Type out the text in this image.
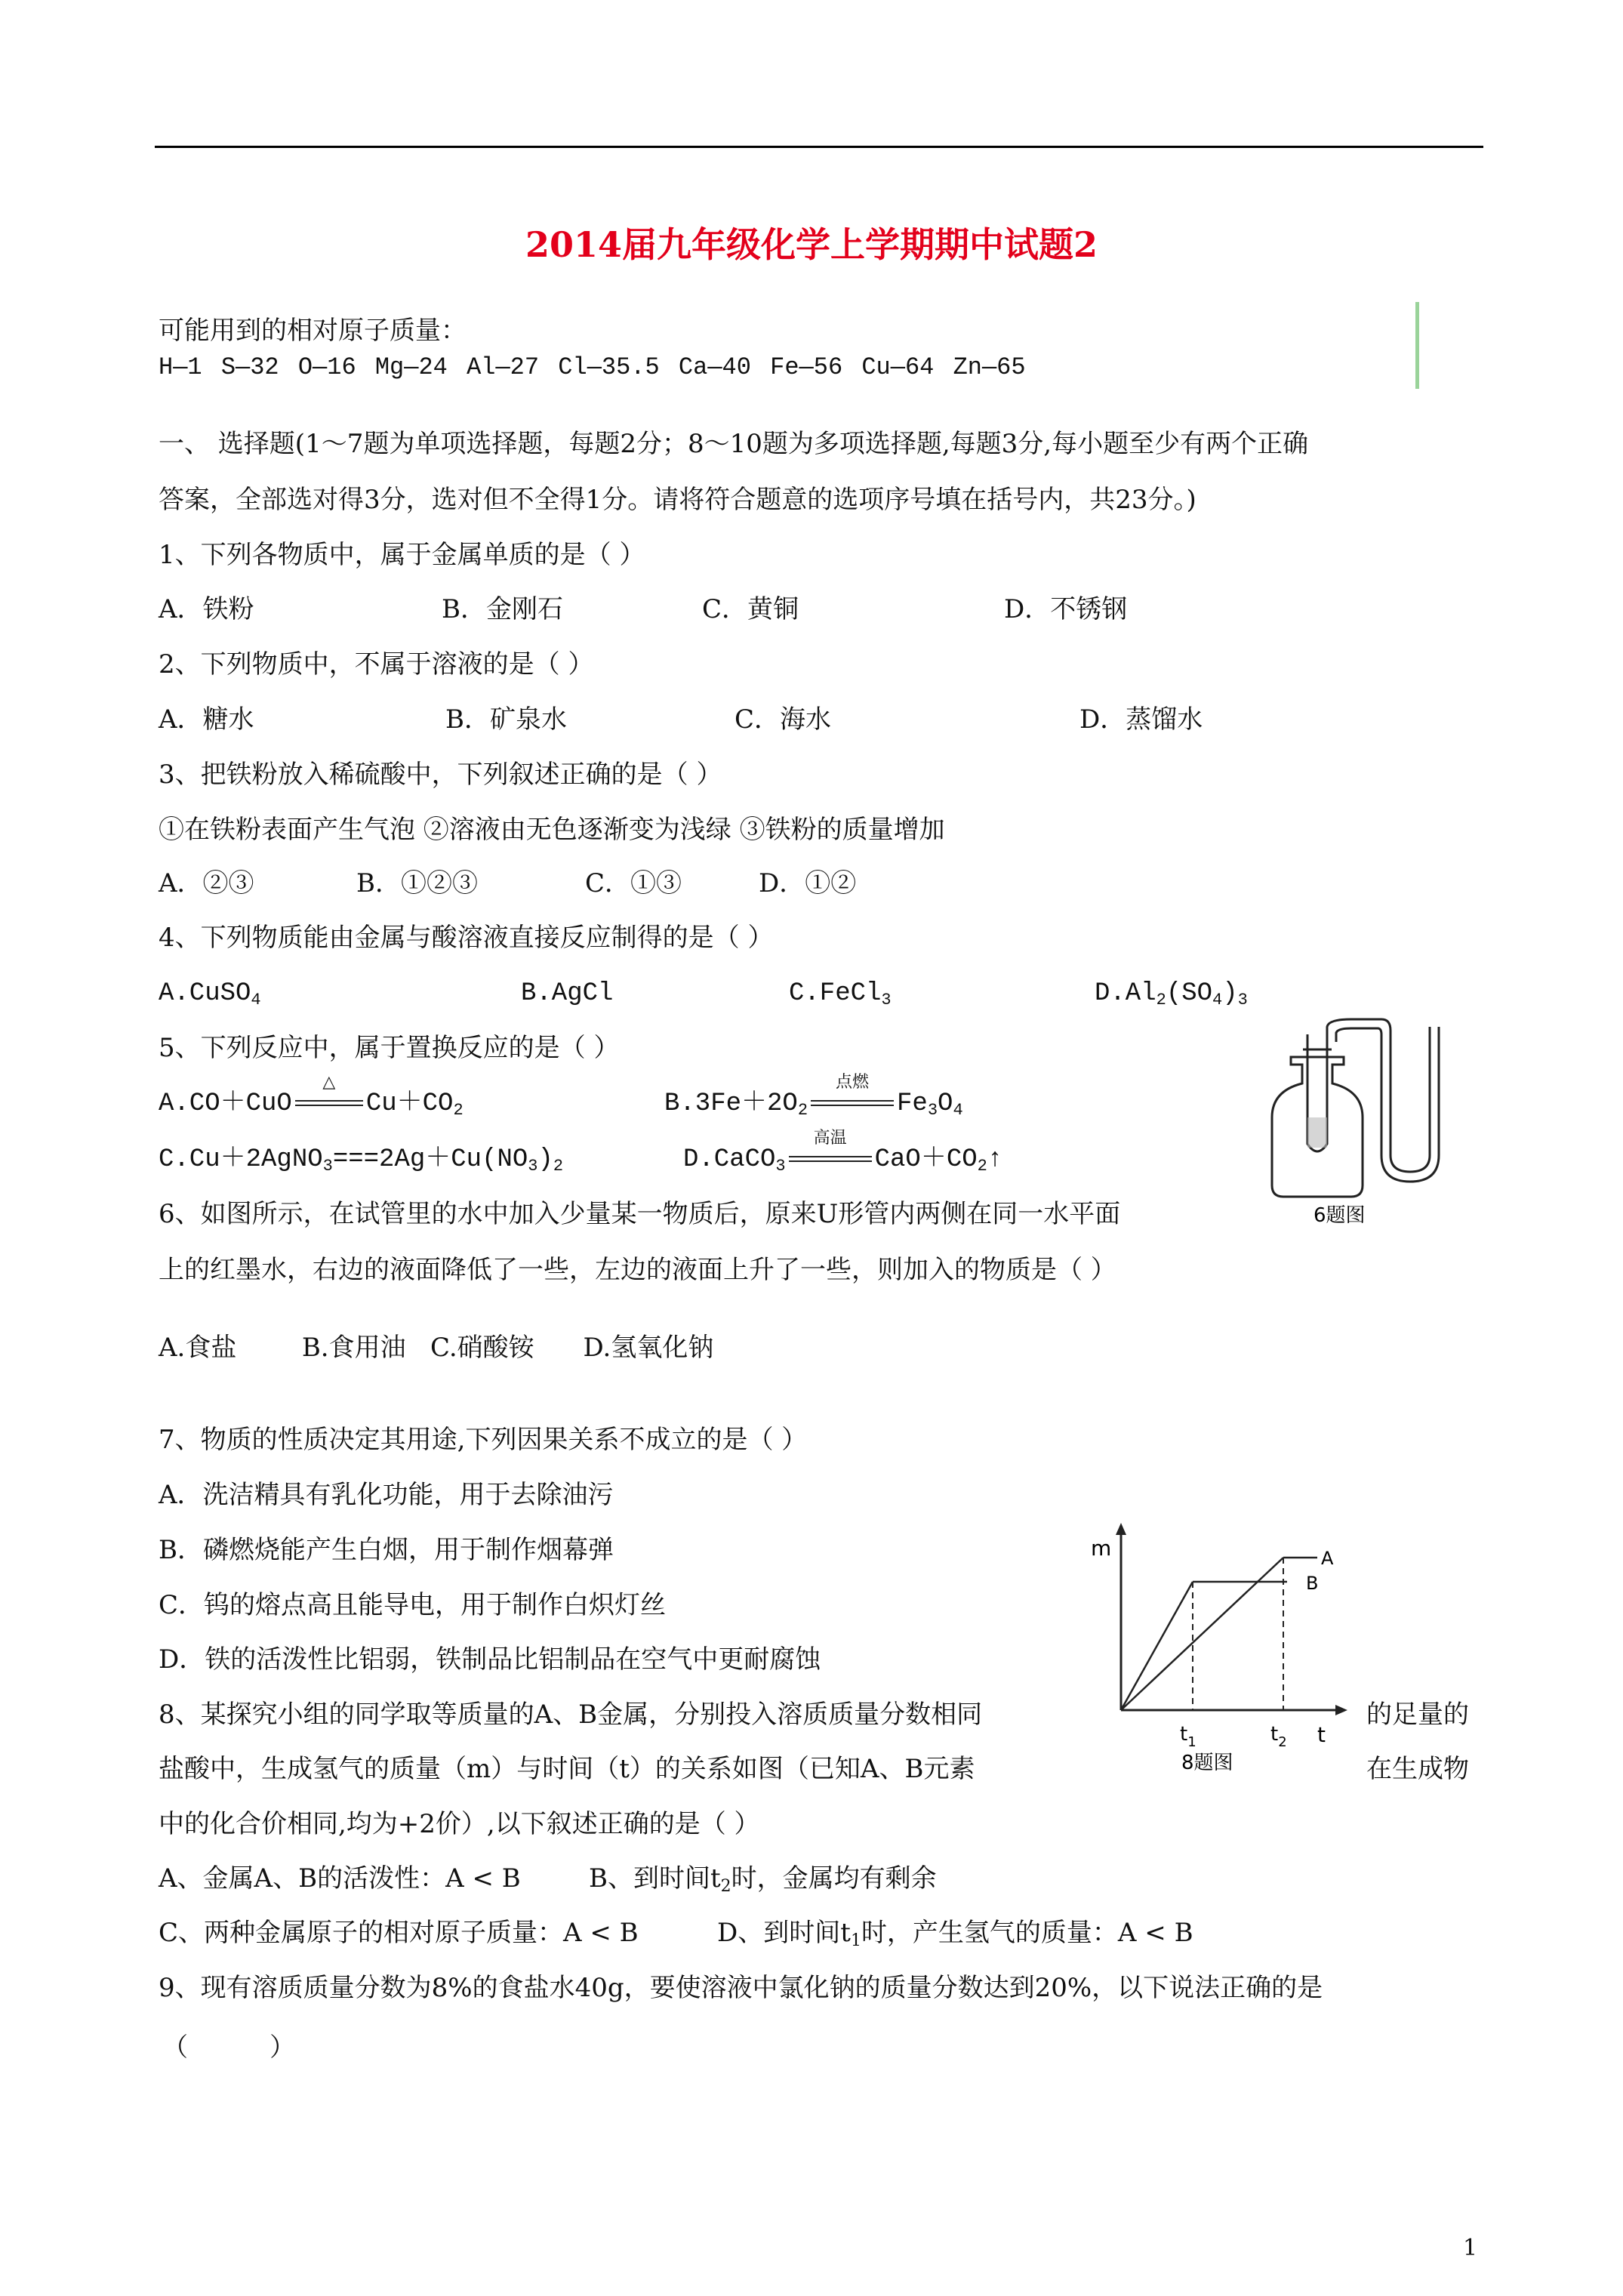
2014届九年级化学上学期期中试题2
可能用到的相对原子质量：
H—1 S—32 O—16 Mg—24 Al—27 Cl—35.5 Ca—40 Fe—56 Cu—64 Zn—65
一、 选择题(1～7题为单项选择题，每题2分；8～10题为多项选择题,每题3分,每小题至少有两个正确
答案，全部选对得3分，选对但不全得1分。请将符合题意的选项序号填在括号内，共23分。)
1、下列各物质中，属于金属单质的是（ ）
A．铁粉	B．金刚石	C．黄铜	D．不锈钢
2、下列物质中，不属于溶液的是（ ）
A．糖水	B．矿泉水	C．海水	D．蒸馏水
3、把铁粉放入稀硫酸中，下列叙述正确的是（ ）
①在铁粉表面产生气泡 ②溶液由无色逐渐变为浅绿 ③铁粉的质量增加
A．②③	B．①②③	C．①③	D．①②
4、下列物质能由金属与酸溶液直接反应制得的是（ ）
A.CuSO$_4$	B.AgCl	C.FeCl$_3$	$D.Al_2(SO_4)_3$
5、下列反应中，属于置换反应的是（ ）
A.CO＋CuO
△
$Cu+CO_2$	$B.3Fe+2O_2$
点燃
$Fe_3O_4$
$C.Cu+2AgNO_3===2Ag+Cu(NO_3)_2$	D.CaCO$_3$
高温
$CaO+CO_2↑$
6题图
6、如图所示，在试管里的水中加入少量某一物质后，原来U形管内两侧在同一水平面
上的红墨水，右边的液面降低了一些，左边的液面上升了一些，则加入的物质是（ ）
A.食盐        B.食用油   C.硝酸铵      D.氢氧化钠
7、物质的性质决定其用途,下列因果关系不成立的是（ ）
A．洗洁精具有乳化功能，用于去除油污
B．磷燃烧能产生白烟，用于制作烟幕弹
C．钨的熔点高且能导电，用于制作白炽灯丝
D．铁的活泼性比铝弱，铁制品比铝制品在空气中更耐腐蚀
m
t
A
B
$t_1$	$t_2$
8题图
8、某探究小组的同学取等质量的A、B金属，分别投入溶质质量分数相同	的足量的
盐酸中，生成氢气的质量（m）与时间（t）的关系如图（已知A、B元素	在生成物
中的化合价相同,均为+2价）,以下叙述正确的是（ ）
A、金属A、B的活泼性：A < B	B、到时间$t_2$时，金属均有剩余
C、两种金属原子的相对原子质量：A < B	D、到时间$t_1$时，产生氢气的质量：A < B
9、现有溶质质量分数为8%的食盐水40g，要使溶液中氯化钠的质量分数达到20%，以下说法正确的是
（          ）
1
